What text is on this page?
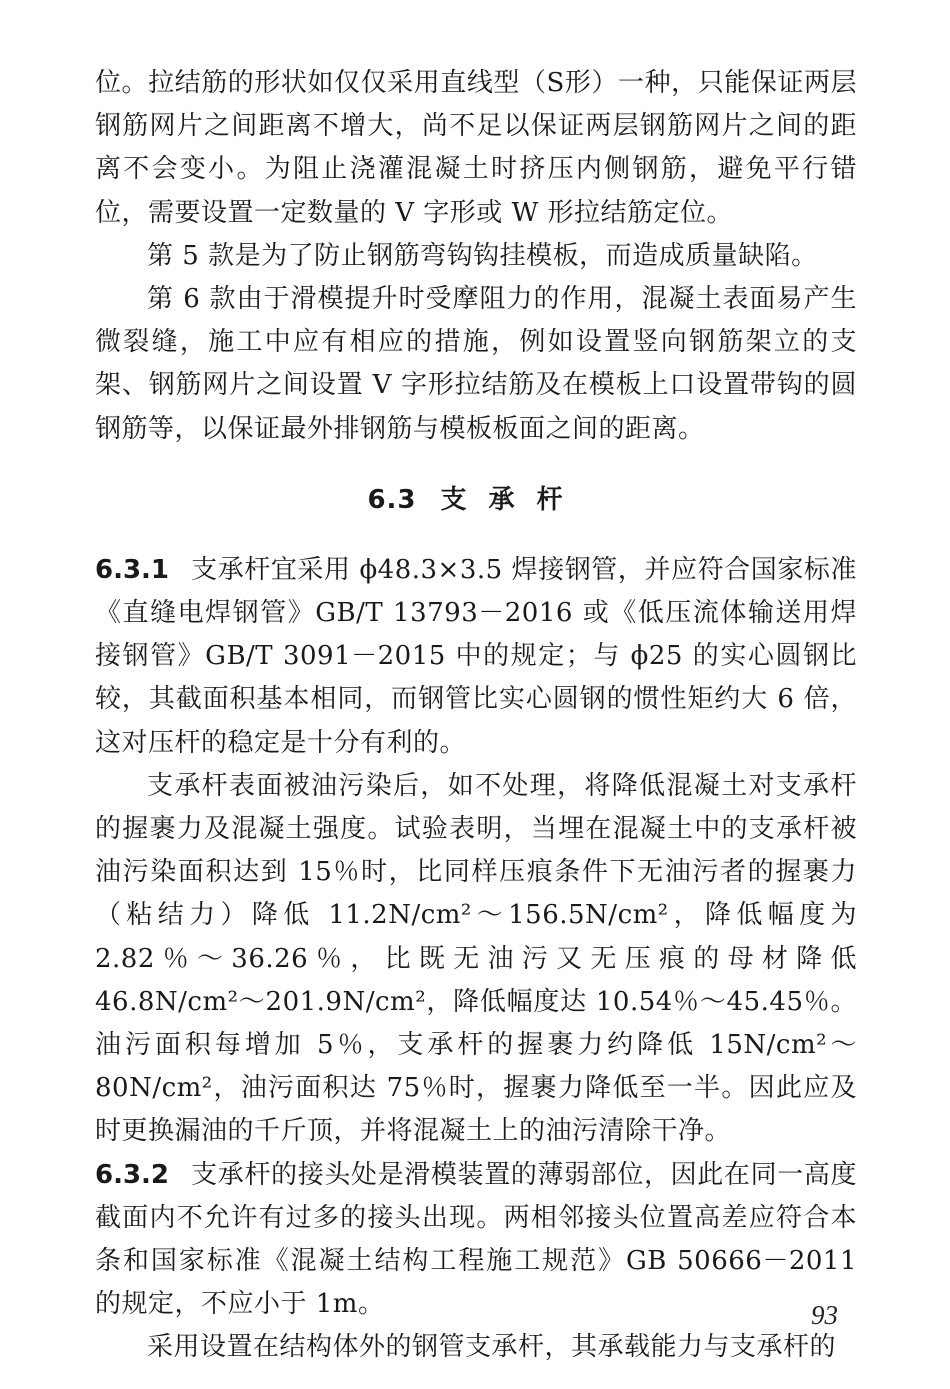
位。拉结筋的形状如仅仅采用直线型（S形）一种，只能保证两层钢筋网片之间距离不增大，尚不足以保证两层钢筋网片之间的距离不会变小。为阻止浇灌混凝土时挤压内侧钢筋，避免平行错位，需要设置一定数量的 V 字形或 W 形拉结筋定位。

第 5 款是为了防止钢筋弯钩钩挂模板，而造成质量缺陷。

第 6 款由于滑模提升时受摩阻力的作用，混凝土表面易产生微裂缝，施工中应有相应的措施，例如设置竖向钢筋架立的支架、钢筋网片之间设置 V 字形拉结筋及在模板上口设置带钩的圆钢筋等，以保证最外排钢筋与模板板面之间的距离。

6.3 支承杆

6.3.1 支承杆宜采用 ϕ48.3×3.5 焊接钢管，并应符合国家标准《直缝电焊钢管》GB/T 13793－2016 或《低压流体输送用焊接钢管》GB/T 3091－2015 中的规定；与 ϕ25 的实心圆钢比较，其截面积基本相同，而钢管比实心圆钢的惯性矩约大 6 倍，这对压杆的稳定是十分有利的。

支承杆表面被油污染后，如不处理，将降低混凝土对支承杆的握裹力及混凝土强度。试验表明，当埋在混凝土中的支承杆被油污染面积达到 15％时，比同样压痕条件下无油污者的握裹力（粘结力）降低 11.2N/cm²～156.5N/cm²，降低幅度为 2.82％～36.26％，比既无油污又无压痕的母材降低 46.8N/cm²～201.9N/cm²，降低幅度达 10.54％～45.45％。油污面积每增加 5％，支承杆的握裹力约降低 15N/cm²～80N/cm²，油污面积达 75％时，握裹力降低至一半。因此应及时更换漏油的千斤顶，并将混凝土上的油污清除干净。

6.3.2 支承杆的接头处是滑模装置的薄弱部位，因此在同一高度截面内不允许有过多的接头出现。两相邻接头位置高差应符合本条和国家标准《混凝土结构工程施工规范》GB 50666－2011 的规定，不应小于 1m。

采用设置在结构体外的钢管支承杆，其承载能力与支承杆的

93
